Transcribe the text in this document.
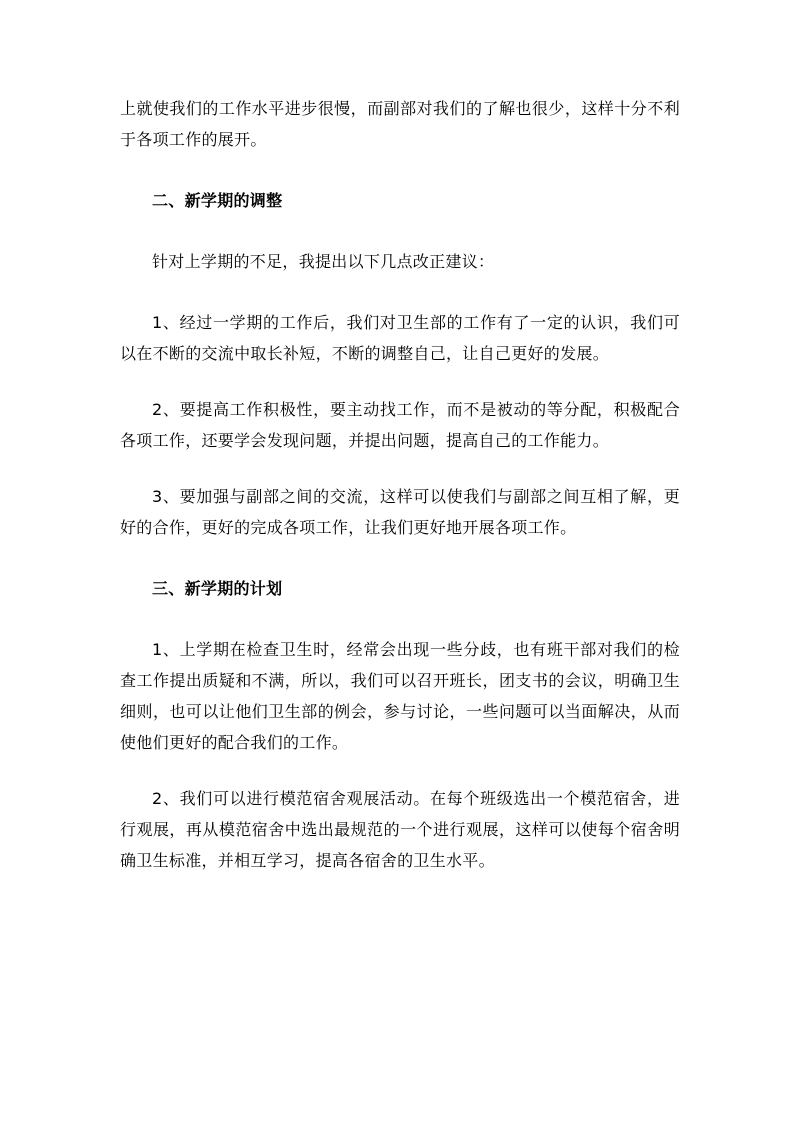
上就使我们的工作水平进步很慢，而副部对我们的了解也很少，这样十分不利于各项工作的展开。

二、新学期的调整

针对上学期的不足，我提出以下几点改正建议：

1、经过一学期的工作后，我们对卫生部的工作有了一定的认识，我们可以在不断的交流中取长补短，不断的调整自己，让自己更好的发展。

2、要提高工作积极性，要主动找工作，而不是被动的等分配，积极配合各项工作，还要学会发现问题，并提出问题，提高自己的工作能力。

3、要加强与副部之间的交流，这样可以使我们与副部之间互相了解，更好的合作，更好的完成各项工作，让我们更好地开展各项工作。

三、新学期的计划

1、上学期在检查卫生时，经常会出现一些分歧，也有班干部对我们的检查工作提出质疑和不满，所以，我们可以召开班长，团支书的会议，明确卫生细则，也可以让他们卫生部的例会，参与讨论，一些问题可以当面解决，从而使他们更好的配合我们的工作。

2、我们可以进行模范宿舍观展活动。在每个班级选出一个模范宿舍，进行观展，再从模范宿舍中选出最规范的一个进行观展，这样可以使每个宿舍明确卫生标准，并相互学习，提高各宿舍的卫生水平。
